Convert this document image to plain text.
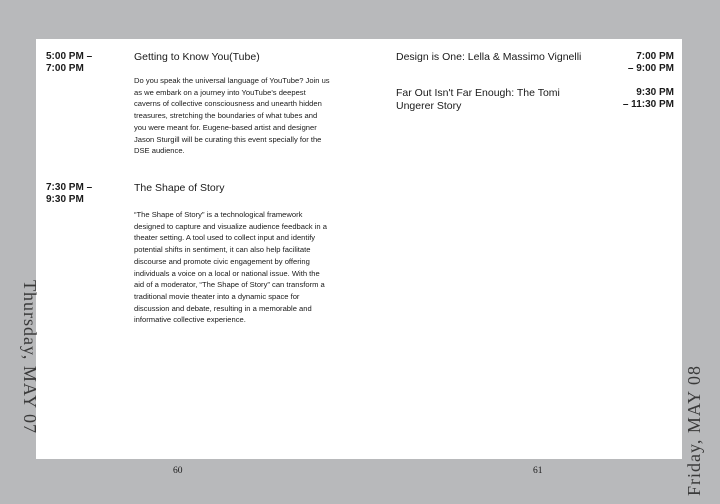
5:00 PM –
7:00 PM
Getting to Know You(Tube)
Do you speak the universal language of YouTube? Join us as we embark on a journey into YouTube's deepest caverns of collective consciousness and unearth hidden treasures, stretching the boundaries of what tubes and you were meant for. Eugene-based artist and designer Jason Sturgill will be curating this event specially for the DSE audience.
7:30 PM –
9:30 PM
The Shape of Story
“The Shape of Story” is a technological framework designed to capture and visualize audience feedback in a theater setting. A tool used to collect input and identify potential shifts in sentiment, it can also help facilitate discourse and promote civic engagement by offering individuals a voice on a local or national issue. With the aid of a moderator, “The Shape of Story” can transform a traditional movie theater into a dynamic space for discussion and debate, resulting in a memorable and informative collective experience.
Design is One: Lella & Massimo Vignelli	7:00 PM
– 9:00 PM
Far Out Isn't Far Enough: The Tomi Ungerer Story
9:30 PM
– 11:30 PM
60	61
Thursday, MAY 07	Friday, MAY 08
